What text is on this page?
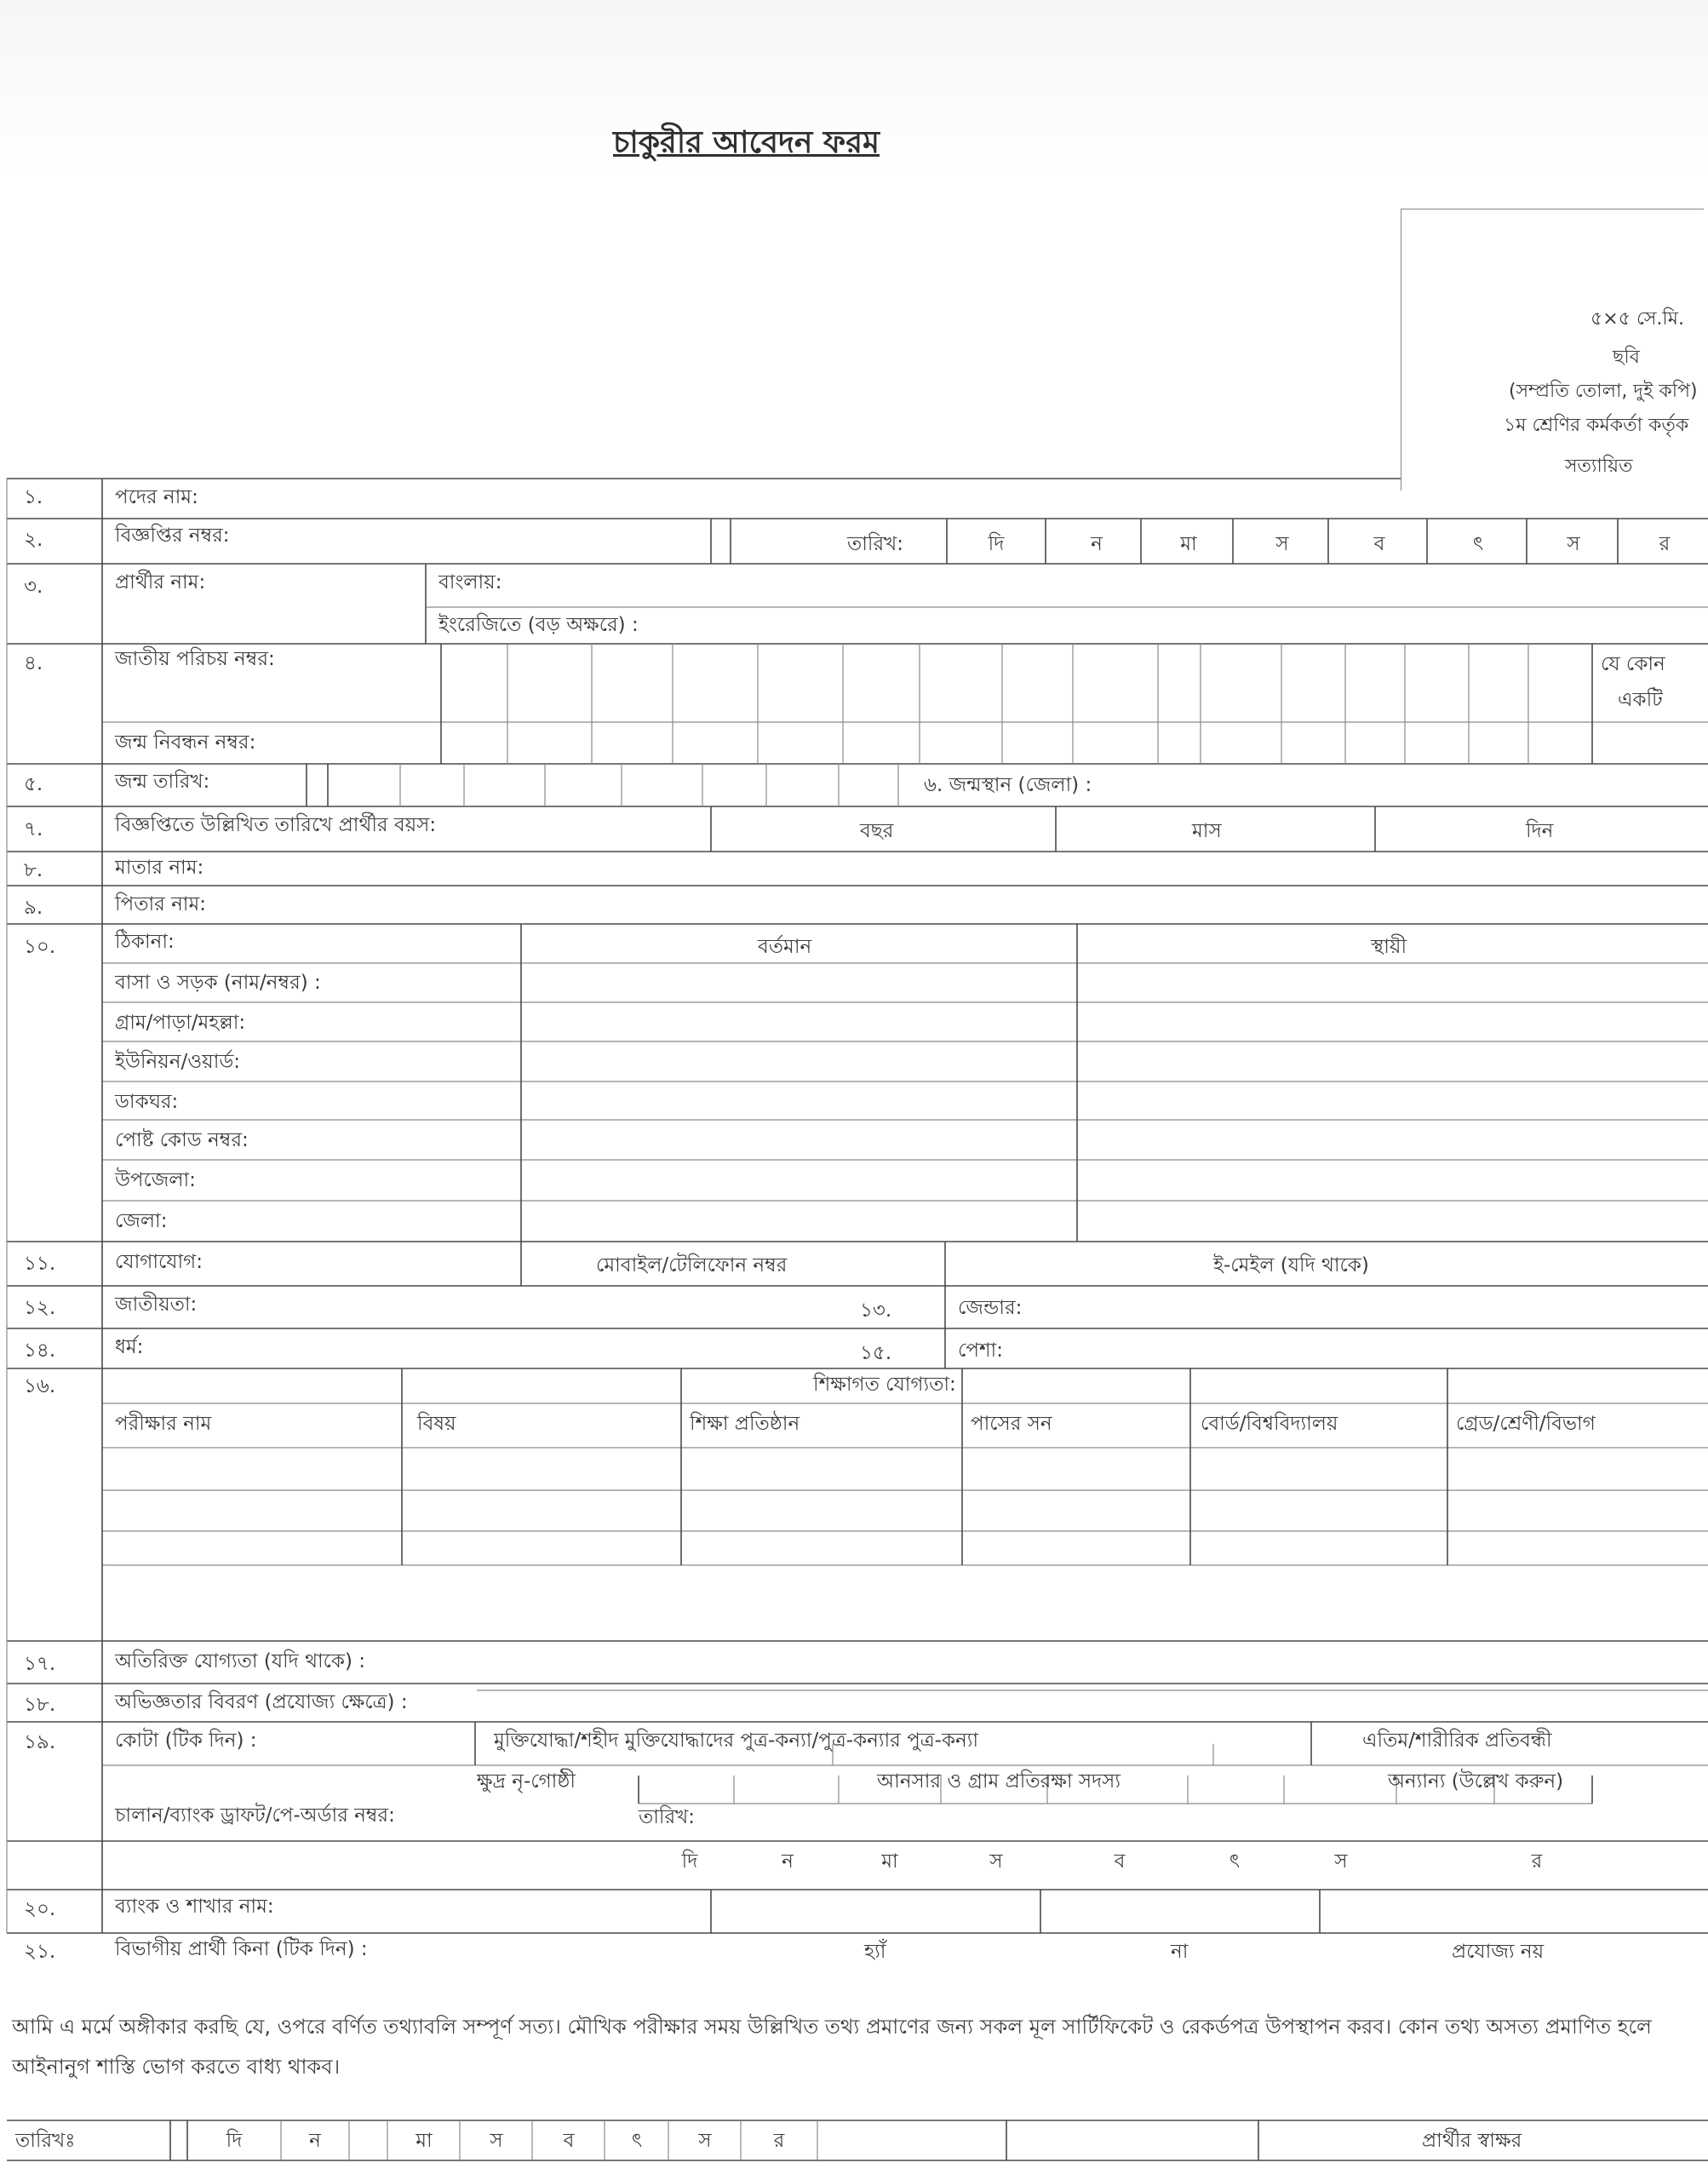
চাকুরীর আবেদন ফরম
৫×৫ সে.মি.
ছবি
(সম্প্রতি তোলা, দুই কপি)
১ম শ্রেণির কর্মকর্তা কর্তৃক
সত্যায়িত
১.	পদের নাম:
২.	বিজ্ঞপ্তির নম্বর:	তারিখ:	দি	ন	মা	স	ব	ৎ	স	র
৩.	প্রার্থীর নাম:	বাংলায়:
ইংরেজিতে (বড় অক্ষরে) :
৪.	জাতীয় পরিচয় নম্বর:
জন্ম নিবন্ধন নম্বর:
যে কোন
একটি
৫.	জন্ম তারিখ:	৬. জন্মস্থান (জেলা) :
৭.	বিজ্ঞপ্তিতে উল্লিখিত তারিখে প্রার্থীর বয়স:	বছর	মাস	দিন
৮.	মাতার নাম:
৯.	পিতার নাম:
১০.	ঠিকানা:	বর্তমান	স্থায়ী
বাসা ও সড়ক (নাম/নম্বর) :
গ্রাম/পাড়া/মহল্লা:
ইউনিয়ন/ওয়ার্ড:
ডাকঘর:
পোষ্ট কোড নম্বর:
উপজেলা:
জেলা:
১১.	যোগাযোগ:	মোবাইল/টেলিফোন নম্বর	ই-মেইল (যদি থাকে)
১২.	জাতীয়তা:	১৩.	জেন্ডার:
১৪.	ধর্ম:	১৫.	পেশা:
১৬.	শিক্ষাগত যোগ্যতা:
পরীক্ষার নাম	বিষয়	শিক্ষা প্রতিষ্ঠান	পাসের সন	বোর্ড/বিশ্ববিদ্যালয়	গ্রেড/শ্রেণী/বিভাগ
১৭.	অতিরিক্ত যোগ্যতা (যদি থাকে) :
১৮.	অভিজ্ঞতার বিবরণ (প্রযোজ্য ক্ষেত্রে) :
১৯.	কোটা (টিক দিন) :	মুক্তিযোদ্ধা/শহীদ মুক্তিযোদ্ধাদের পুত্র-কন্যা/পুত্র-কন্যার পুত্র-কন্যা	এতিম/শারীরিক প্রতিবন্ধী
ক্ষুদ্র নৃ-গোষ্ঠী	আনসার ও গ্রাম প্রতিরক্ষা সদস্য	অন্যান্য (উল্লেখ করুন)
চালান/ব্যাংক ড্রাফট/পে-অর্ডার নম্বর:	তারিখ:
দি	ন	মা	স	ব	ৎ	স	র
২০.	ব্যাংক ও শাখার নাম:
২১.	বিভাগীয় প্রার্থী কিনা (টিক দিন) :	হ্যাঁ	না	প্রযোজ্য নয়
আমি এ মর্মে অঙ্গীকার করছি যে, ওপরে বর্ণিত তথ্যাবলি সম্পূর্ণ সত্য। মৌখিক পরীক্ষার সময় উল্লিখিত তথ্য প্রমাণের জন্য সকল মূল সার্টিফিকেট ও রেকর্ডপত্র উপস্থাপন করব। কোন তথ্য অসত্য প্রমাণিত হলে আইনানুগ শাস্তি ভোগ করতে বাধ্য থাকব।
তারিখঃ	দি	ন	মা	স	ব	ৎ	স	র	প্রার্থীর স্বাক্ষর
